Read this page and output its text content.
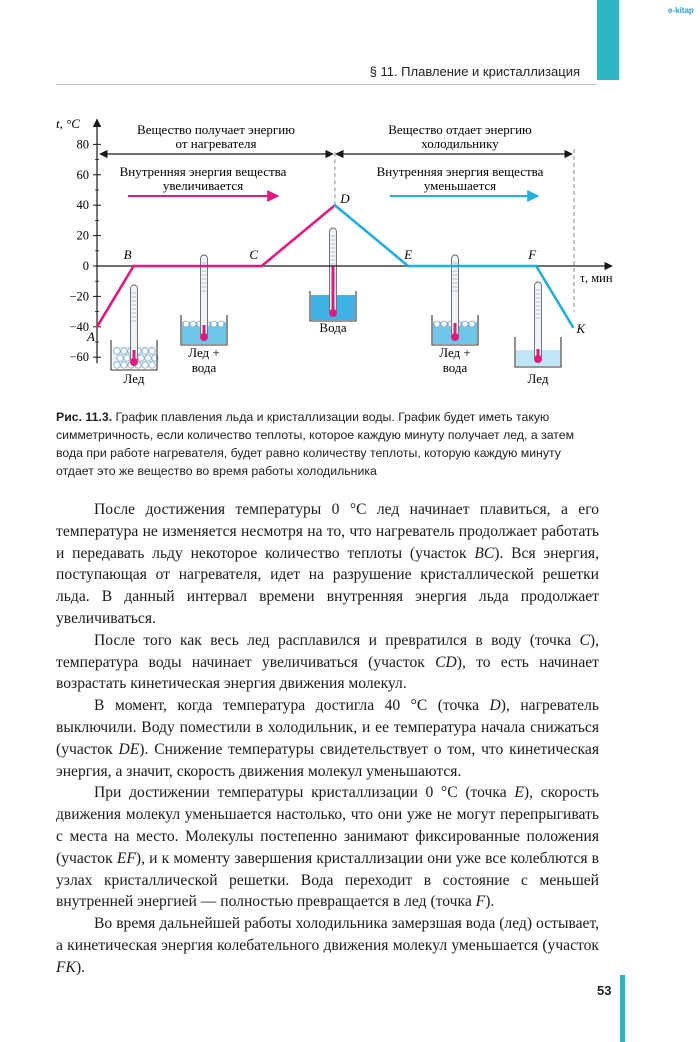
e-kitap
§ 11. Плавление и кристаллизация
Лед
Лед +
вода
Вода
Лед +
вода
Лед
80
60
40
20
0
−20
−40
−60
t, °C
τ, мин
Вещество получает энергию
от нагревателя
Вещество отдает энергию
холодильнику
Внутренняя энергия вещества
увеличивается
Внутренняя энергия вещества
уменьшается
A
B	C
D
E	F
K
Рис. 11.3. График плавления льда и кристаллизации воды. График будет иметь такую симметричность, если количество теплоты, которое каждую минуту получает лед, а затем вода при работе нагревателя, будет равно количеству теплоты, которую каждую минуту отдает это же вещество во время работы холодильника

После достижения температуры 0 °C лед начинает плавиться, а его температура не изменяется несмотря на то, что нагреватель продолжает работать и передавать льду некоторое количество теплоты (участок BC). Вся энергия, поступающая от нагревателя, идет на разрушение кристаллической решетки льда. В данный интервал времени внутренняя энергия льда продолжает увеличиваться.

После того как весь лед расплавился и превратился в воду (точка C), температура воды начинает увеличиваться (участок CD), то есть начинает возрастать кинетическая энергия движения молекул.

В момент, когда температура достигла 40 °C (точка D), нагреватель выключили. Воду поместили в холодильник, и ее температура начала снижаться (участок DE). Снижение температуры свидетельствует о том, что кинетическая энергия, а значит, скорость движения молекул уменьшаются.

При достижении температуры кристаллизации 0 °C (точка E), скорость движения молекул уменьшается настолько, что они уже не могут перепрыгивать с места на место. Молекулы постепенно занимают фиксированные положения (участок EF), и к моменту завершения кристаллизации они уже все колеблются в узлах кристаллической решетки. Вода переходит в состояние с меньшей внутренней энергией — полностью превращается в лед (точка F).

Во время дальнейшей работы холодильника замерзшая вода (лед) остывает, а кинетическая энергия колебательного движения молекул уменьшается (участок FK).

53
